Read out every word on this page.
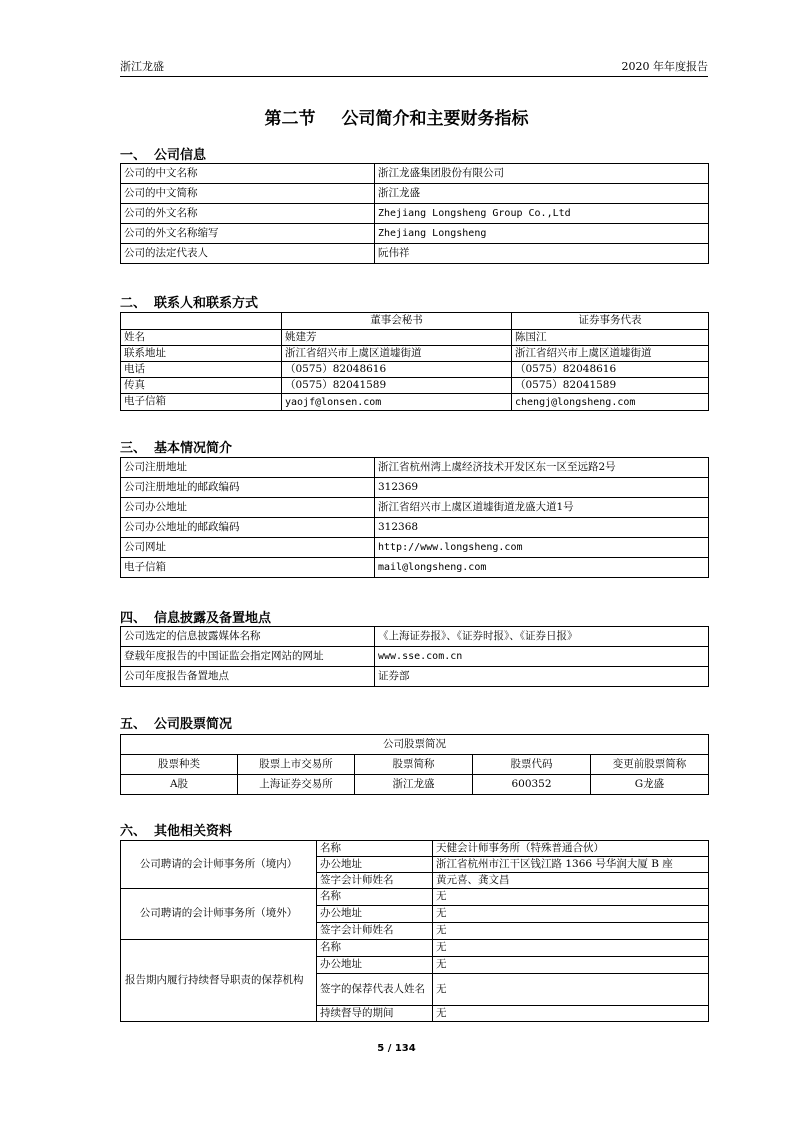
浙江龙盛	2020 年年度报告
第二节 公司简介和主要财务指标
一、 公司信息
公司的中文名称	浙江龙盛集团股份有限公司
公司的中文简称	浙江龙盛
公司的外文名称	Zhejiang Longsheng Group Co.,Ltd
公司的外文名称缩写	Zhejiang Longsheng
公司的法定代表人	阮伟祥
二、 联系人和联系方式
	董事会秘书	证券事务代表
姓名	姚建芳	陈国江
联系地址	浙江省绍兴市上虞区道墟街道	浙江省绍兴市上虞区道墟街道
电话	（0575）82048616	（0575）82048616
传真	（0575）82041589	（0575）82041589
电子信箱	yaojf@lonsen.com	chengj@longsheng.com
三、 基本情况简介
公司注册地址	浙江省杭州湾上虞经济技术开发区东一区至远路2号
公司注册地址的邮政编码	312369
公司办公地址	浙江省绍兴市上虞区道墟街道龙盛大道1号
公司办公地址的邮政编码	312368
公司网址	http://www.longsheng.com
电子信箱	mail@longsheng.com
四、 信息披露及备置地点
公司选定的信息披露媒体名称	《上海证券报》、《证券时报》、《证券日报》
登载年度报告的中国证监会指定网站的网址	www.sse.com.cn
公司年度报告备置地点	证券部
五、 公司股票简况
公司股票简况				
股票种类	股票上市交易所	股票简称	股票代码	变更前股票简称
A股	上海证券交易所	浙江龙盛	600352	G龙盛
六、 其他相关资料
公司聘请的会计师事务所（境内）	名称	天健会计师事务所（特殊普通合伙）
	办公地址	浙江省杭州市江干区钱江路 1366 号华润大厦 B 座
	签字会计师姓名	黄元喜、龚文昌
公司聘请的会计师事务所（境外）	名称	无
	办公地址	无
	签字会计师姓名	无
报告期内履行持续督导职责的保荐机构	名称	无
	办公地址	无
	签字的保荐代表人姓名	无
	持续督导的期间	无
5 / 134
